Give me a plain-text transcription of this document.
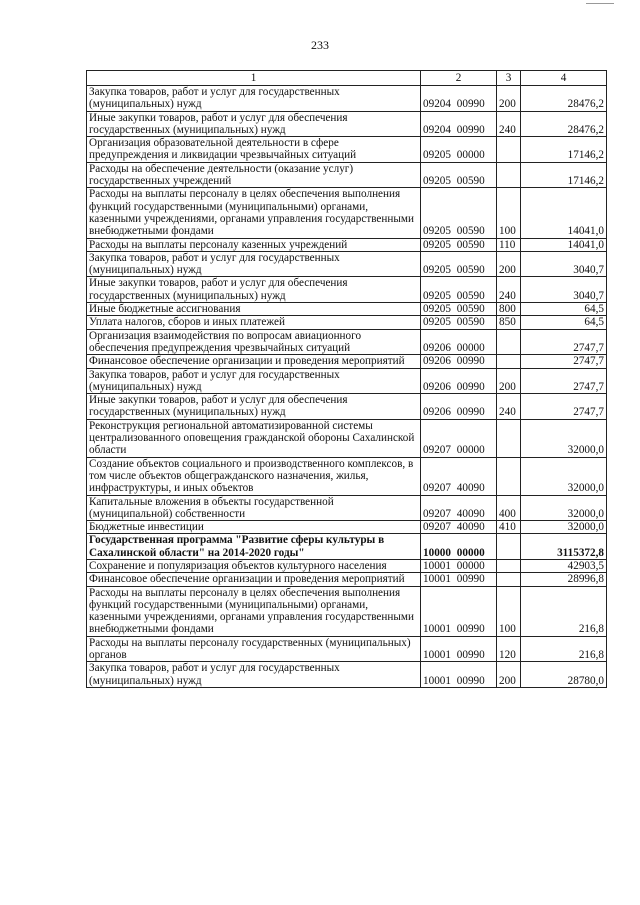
233
1	2	3	4
Закупка товаров, работ и услуг для государственных (муниципальных) нужд	09204 00990	200	28476,2
Иные закупки товаров, работ и услуг для обеспечения государственных (муниципальных) нужд	09204 00990	240	28476,2
Организация образовательной деятельности в сфере предупреждения и ликвидации чрезвычайных ситуаций	09205 00000		17146,2
Расходы на обеспечение деятельности (оказание услуг) государственных учреждений	09205 00590		17146,2
Расходы на выплаты персоналу в целях обеспечения выполнения функций государственными (муниципальными) органами, казенными учреждениями, органами управления государственными внебюджетными фондами	09205 00590	100	14041,0
Расходы на выплаты персоналу казенных учреждений	09205 00590	110	14041,0
Закупка товаров, работ и услуг для государственных (муниципальных) нужд	09205 00590	200	3040,7
Иные закупки товаров, работ и услуг для обеспечения государственных (муниципальных) нужд	09205 00590	240	3040,7
Иные бюджетные ассигнования	09205 00590	800	64,5
Уплата налогов, сборов и иных платежей	09205 00590	850	64,5
Организация взаимодействия по вопросам авиационного обеспечения предупреждения чрезвычайных ситуаций	09206 00000		2747,7
Финансовое обеспечение организации и проведения мероприятий	09206 00990		2747,7
Закупка товаров, работ и услуг для государственных (муниципальных) нужд	09206 00990	200	2747,7
Иные закупки товаров, работ и услуг для обеспечения государственных (муниципальных) нужд	09206 00990	240	2747,7
Реконструкция региональной автоматизированной системы централизованного оповещения гражданской обороны Сахалинской области	09207 00000		32000,0
Создание объектов социального и производственного комплексов, в том числе объектов общегражданского назначения, жилья, инфраструктуры, и иных объектов	09207 40090		32000,0
Капитальные вложения в объекты государственной (муниципальной) собственности	09207 40090	400	32000,0
Бюджетные инвестиции	09207 40090	410	32000,0
Государственная программа "Развитие сферы культуры в Сахалинской области" на 2014-2020 годы"	10000 00000		3115372,8
Сохранение и популяризация объектов культурного населения	10001 00000		42903,5
Финансовое обеспечение организации и проведения мероприятий	10001 00990		28996,8
Расходы на выплаты персоналу в целях обеспечения выполнения функций государственными (муниципальными) органами, казенными учреждениями, органами управления государственными внебюджетными фондами	10001 00990	100	216,8
Расходы на выплаты персоналу государственных (муниципальных) органов	10001 00990	120	216,8
Закупка товаров, работ и услуг для государственных (муниципальных) нужд	10001 00990	200	28780,0
